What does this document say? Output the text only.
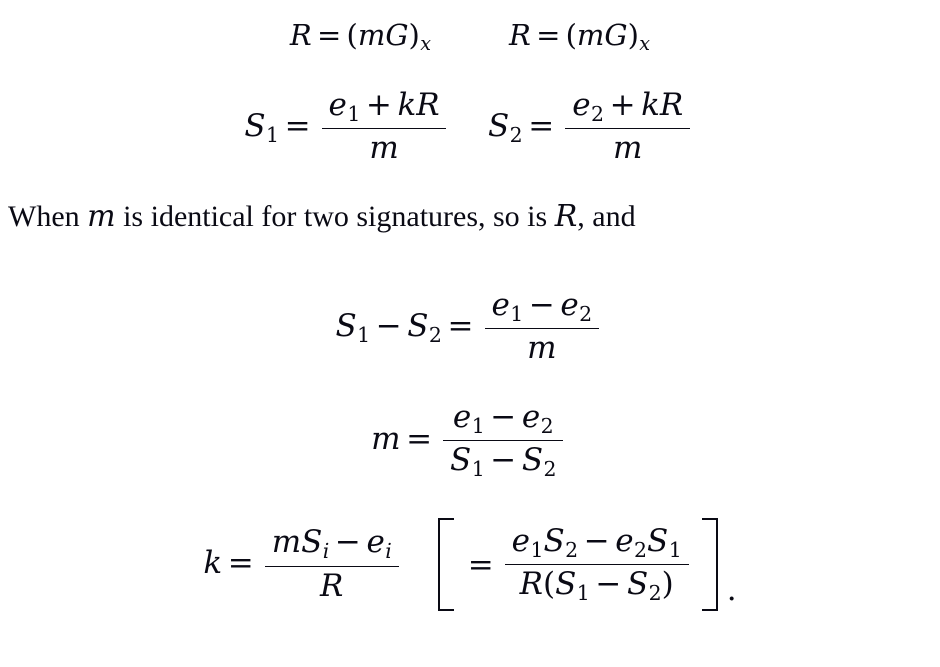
$R = (mG)_x$	$R = (mG)_x$
$S_1 = \frac{e_1 + kR}{m} S_2 = \frac{e_2 + kR}{m}$
When m is identical for two signatures, so is R, and
$S_1 - S_2 = \frac{e_1 - e_2}{m}$
$m = \frac{e_1 - e_2}{S_1 - S_2}$
$k = \frac{mS_i - e_i}{R} = \frac{e_1S_2 - e_2S_1}{R(S_1 - S_2)}$ .
